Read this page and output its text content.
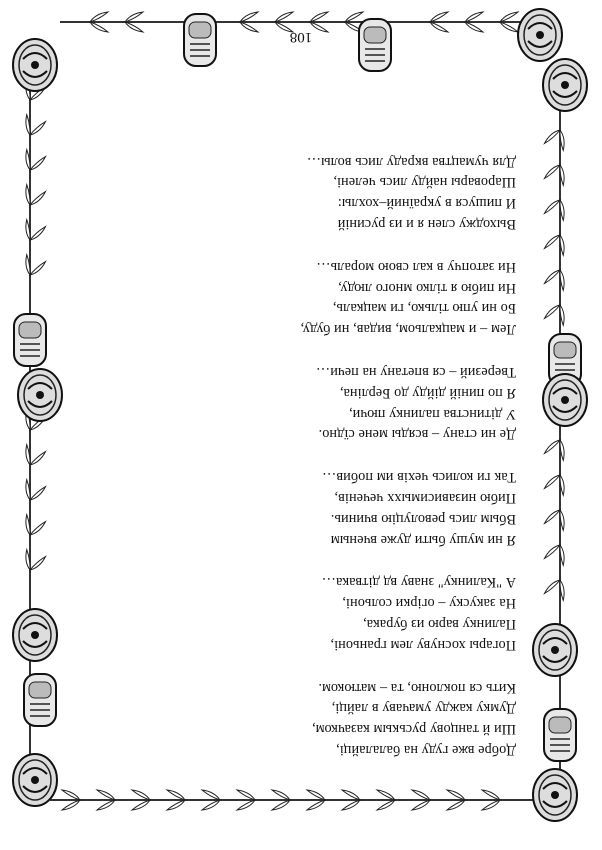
Добре вже гуду на балалайці,
Ши й танцову руськым казачком,
Думку кажду умачаву в лайці,
Кить ся поклоню, та – матюком.
Погары хоснуву лем граньоні,
Палинку варю из бурака,
На закуску – огірки сольоні,
А "Калинку" знаву вд дітвака…
Я ни мушу быти дуже вченым
Вбым лись револуцію вчиниь.
Пибю низависимыхх чеченів,
Так ги колись чехів им побив…
Де ни стану – всяды мене сїдно.
У дітинства палинку пючи,
Я по пиній дійду до Берліна,
Тверезий – ся впетану на печи…
Лем – и мацкальом, видав, ни буду,
Бо ни упю тілько, ги мацкаль,
Ни пибю я тілко много люду,
Ни затопчу в кал свою мораль…
Выходжу слен я и из русиній
И пишуся в україний–хохлы:
Шаровары найду лись челені,
Для чумацтва вкраду лись волы…
108
